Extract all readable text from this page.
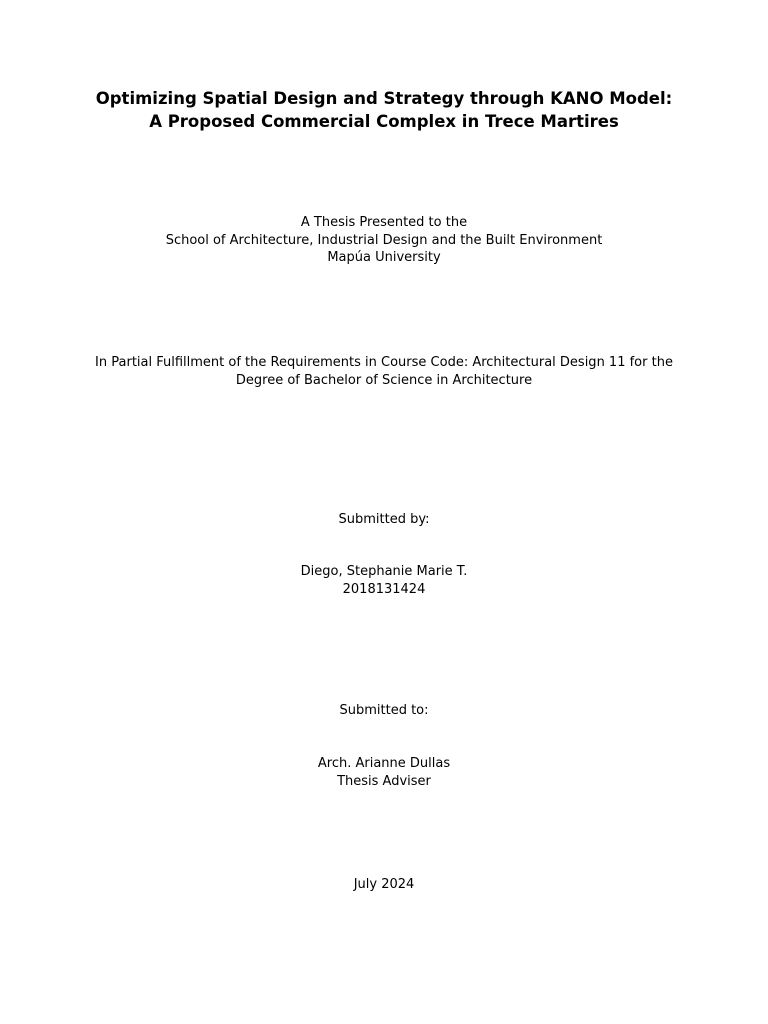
Optimizing Spatial Design and Strategy through KANO Model:
A Proposed Commercial Complex in Trece Martires
A Thesis Presented to the
School of Architecture, Industrial Design and the Built Environment
Mapúa University
In Partial Fulfillment of the Requirements in Course Code: Architectural Design 11 for the
Degree of Bachelor of Science in Architecture
Submitted by:
Diego, Stephanie Marie T.
2018131424
Submitted to:
Arch. Arianne Dullas
Thesis Adviser
July 2024
